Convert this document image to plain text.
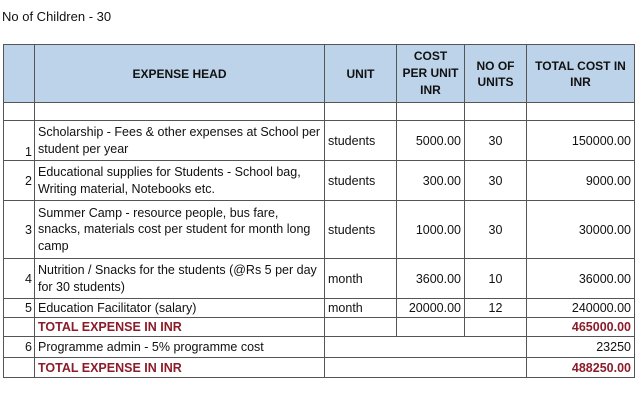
No of Children - 30
	EXPENSE HEAD	UNIT	COST PER UNIT INR	NO OF UNITS	TOTAL COST IN INR

1	Scholarship - Fees & other expenses at School per student per year	students	5000.00	30	150000.00
2	Educational supplies for Students - School bag, Writing material, Notebooks etc.	students	300.00	30	9000.00
3	Summer Camp - resource people, bus fare, snacks, materials cost per student for month long camp	students	1000.00	30	30000.00
4	Nutrition / Snacks for the students (@Rs 5 per day for 30 students)	month	3600.00	10	36000.00
5	Education Facilitator (salary)	month	20000.00	12	240000.00
	TOTAL EXPENSE IN INR				465000.00
6	Programme admin - 5% programme cost				23250
	TOTAL EXPENSE IN INR				488250.00
